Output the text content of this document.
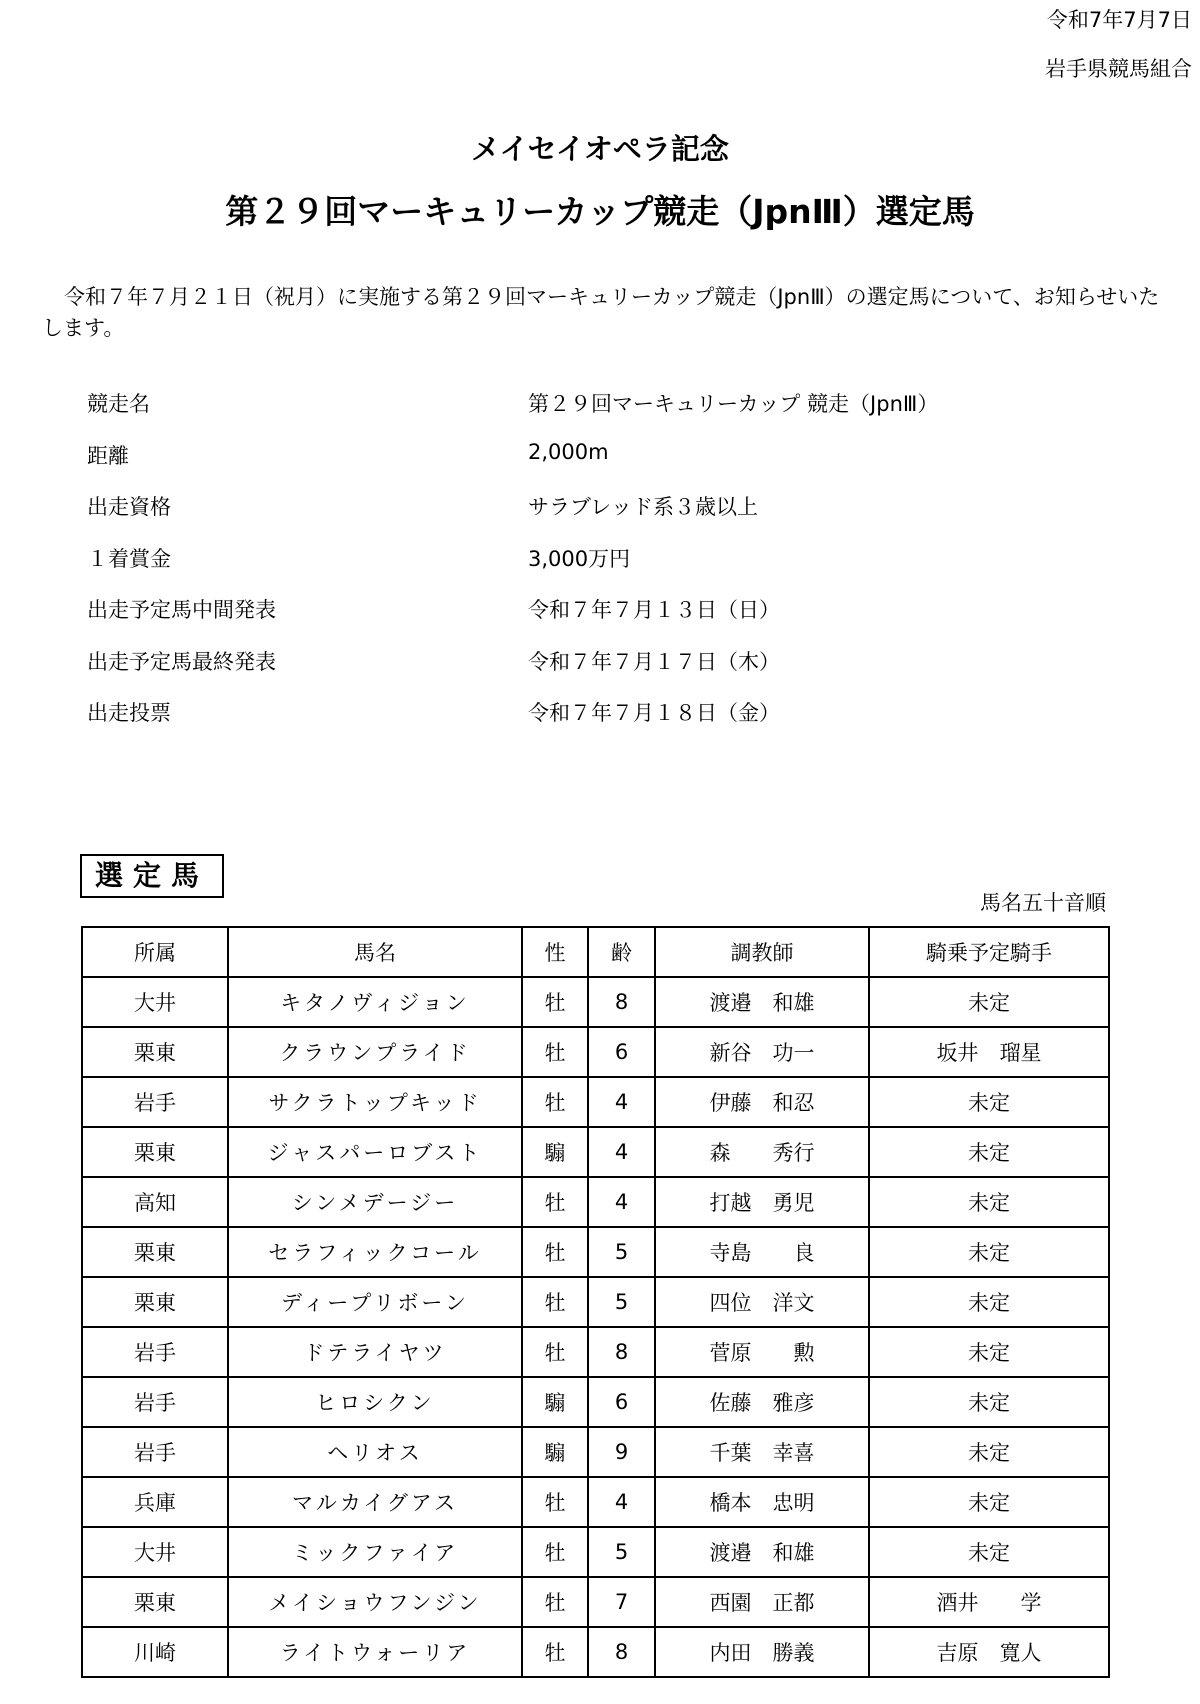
令和7年7月7日
岩手県競馬組合
メイセイオペラ記念
第２９回マーキュリーカップ競走（JpnⅢ）選定馬
令和７年７月２１日（祝月）に実施する第２９回マーキュリーカップ競走（JpnⅢ）の選定馬について、お知らせいたします。
競走名	第２９回マーキュリーカップ 競走（JpnⅢ）
距離	2,000m
出走資格	サラブレッド系３歳以上
１着賞金	3,000万円
出走予定馬中間発表	令和７年７月１３日（日）
出走予定馬最終発表	令和７年７月１７日（木）
出走投票	令和７年７月１８日（金）
選定馬
馬名五十音順
所属	馬名	性	齢	調教師	騎乗予定騎手
大井	キタノヴィジョン	牡	8	渡邉　和雄	未定
栗東	クラウンプライド	牡	6	新谷　功一	坂井　瑠星
岩手	サクラトップキッド	牡	4	伊藤　和忍	未定
栗東	ジャスパーロブスト	騸	4	森　　秀行	未定
高知	シンメデージー	牡	4	打越　勇児	未定
栗東	セラフィックコール	牡	5	寺島　　良	未定
栗東	ディープリボーン	牡	5	四位　洋文	未定
岩手	ドテライヤツ	牡	8	菅原　　勲	未定
岩手	ヒロシクン	騸	6	佐藤　雅彦	未定
岩手	ヘリオス	騸	9	千葉　幸喜	未定
兵庫	マルカイグアス	牡	4	橋本　忠明	未定
大井	ミックファイア	牡	5	渡邉　和雄	未定
栗東	メイショウフンジン	牡	7	西園　正都	酒井　　学
川崎	ライトウォーリア	牡	8	内田　勝義	吉原　寛人
